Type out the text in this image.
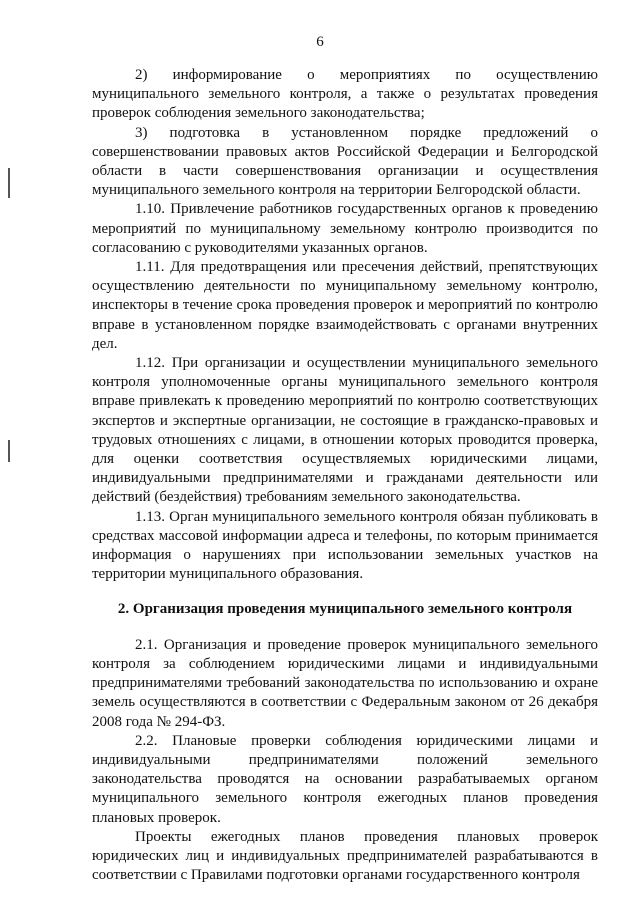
6

2) информирование о мероприятиях по осуществлению муниципального земельного контроля, а также о результатах проведения проверок соблюдения земельного законодательства;

3) подготовка в установленном порядке предложений о совершенствовании правовых актов Российской Федерации и Белгородской области в части совершенствования организации и осуществления муниципального земельного контроля на территории Белгородской области.

1.10. Привлечение работников государственных органов к проведению мероприятий по муниципальному земельному контролю производится по согласованию с руководителями указанных органов.

1.11. Для предотвращения или пресечения действий, препятствующих осуществлению деятельности по муниципальному земельному контролю, инспекторы в течение срока проведения проверок и мероприятий по контролю вправе в установленном порядке взаимодействовать с органами внутренних дел.

1.12. При организации и осуществлении муниципального земельного контроля уполномоченные органы муниципального земельного контроля вправе привлекать к проведению мероприятий по контролю соответствующих экспертов и экспертные организации, не состоящие в гражданско-правовых и трудовых отношениях с лицами, в отношении которых проводится проверка, для оценки соответствия осуществляемых юридическими лицами, индивидуальными предпринимателями и гражданами деятельности или действий (бездействия) требованиям земельного законодательства.

1.13. Орган муниципального земельного контроля обязан публиковать в средствах массовой информации адреса и телефоны, по которым принимается информация о нарушениях при использовании земельных участков на территории муниципального образования.

2. Организация проведения муниципального земельного контроля

2.1. Организация и проведение проверок муниципального земельного контроля за соблюдением юридическими лицами и индивидуальными предпринимателями требований законодательства по использованию и охране земель осуществляются в соответствии с Федеральным законом от 26 декабря 2008 года № 294-ФЗ.

2.2. Плановые проверки соблюдения юридическими лицами и индивидуальными предпринимателями положений земельного законодательства проводятся на основании разрабатываемых органом муниципального земельного контроля ежегодных планов проведения плановых проверок.

Проекты ежегодных планов проведения плановых проверок юридических лиц и индивидуальных предпринимателей разрабатываются в соответствии с Правилами подготовки органами государственного контроля
